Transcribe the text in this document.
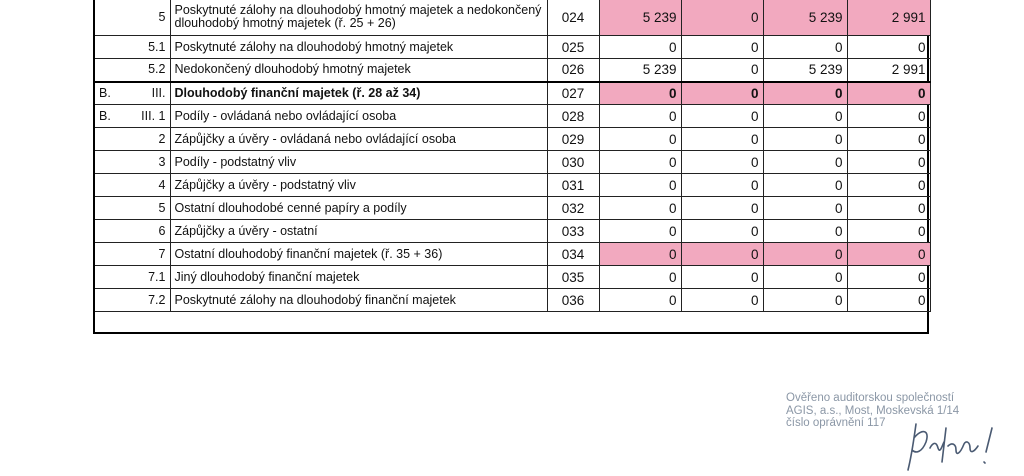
	5	Poskytnuté zálohy na dlouhodobý hmotný majetek a nedokončený dlouhodobý hmotný majetek (ř. 25 + 26)	024	5 239	0	5 239	2 991
	5.1	Poskytnuté zálohy na dlouhodobý hmotný majetek	025	0	0	0	0
	5.2	Nedokončený dlouhodobý hmotný majetek	026	5 239	0	5 239	2 991
B.	III.	Dlouhodobý finanční majetek (ř. 28 až 34)	027	0	0	0	0
B.	III. 1	Podíly - ovládaná nebo ovládající osoba	028	0	0	0	0
	2	Zápůjčky a úvěry - ovládaná nebo ovládající osoba	029	0	0	0	0
	3	Podíly - podstatný vliv	030	0	0	0	0
	4	Zápůjčky a úvěry - podstatný vliv	031	0	0	0	0
	5	Ostatní dlouhodobé cenné papíry a podíly	032	0	0	0	0
	6	Zápůjčky a úvěry - ostatní	033	0	0	0	0
	7	Ostatní dlouhodobý finanční majetek (ř. 35 + 36)	034	0	0	0	0
	7.1	Jiný dlouhodobý finanční majetek	035	0	0	0	0
	7.2	Poskytnuté zálohy na dlouhodobý finanční majetek	036	0	0	0	0
Ověřeno auditorskou společností
AGIS, a.s., Most, Moskevská 1/14
číslo oprávnění 117
